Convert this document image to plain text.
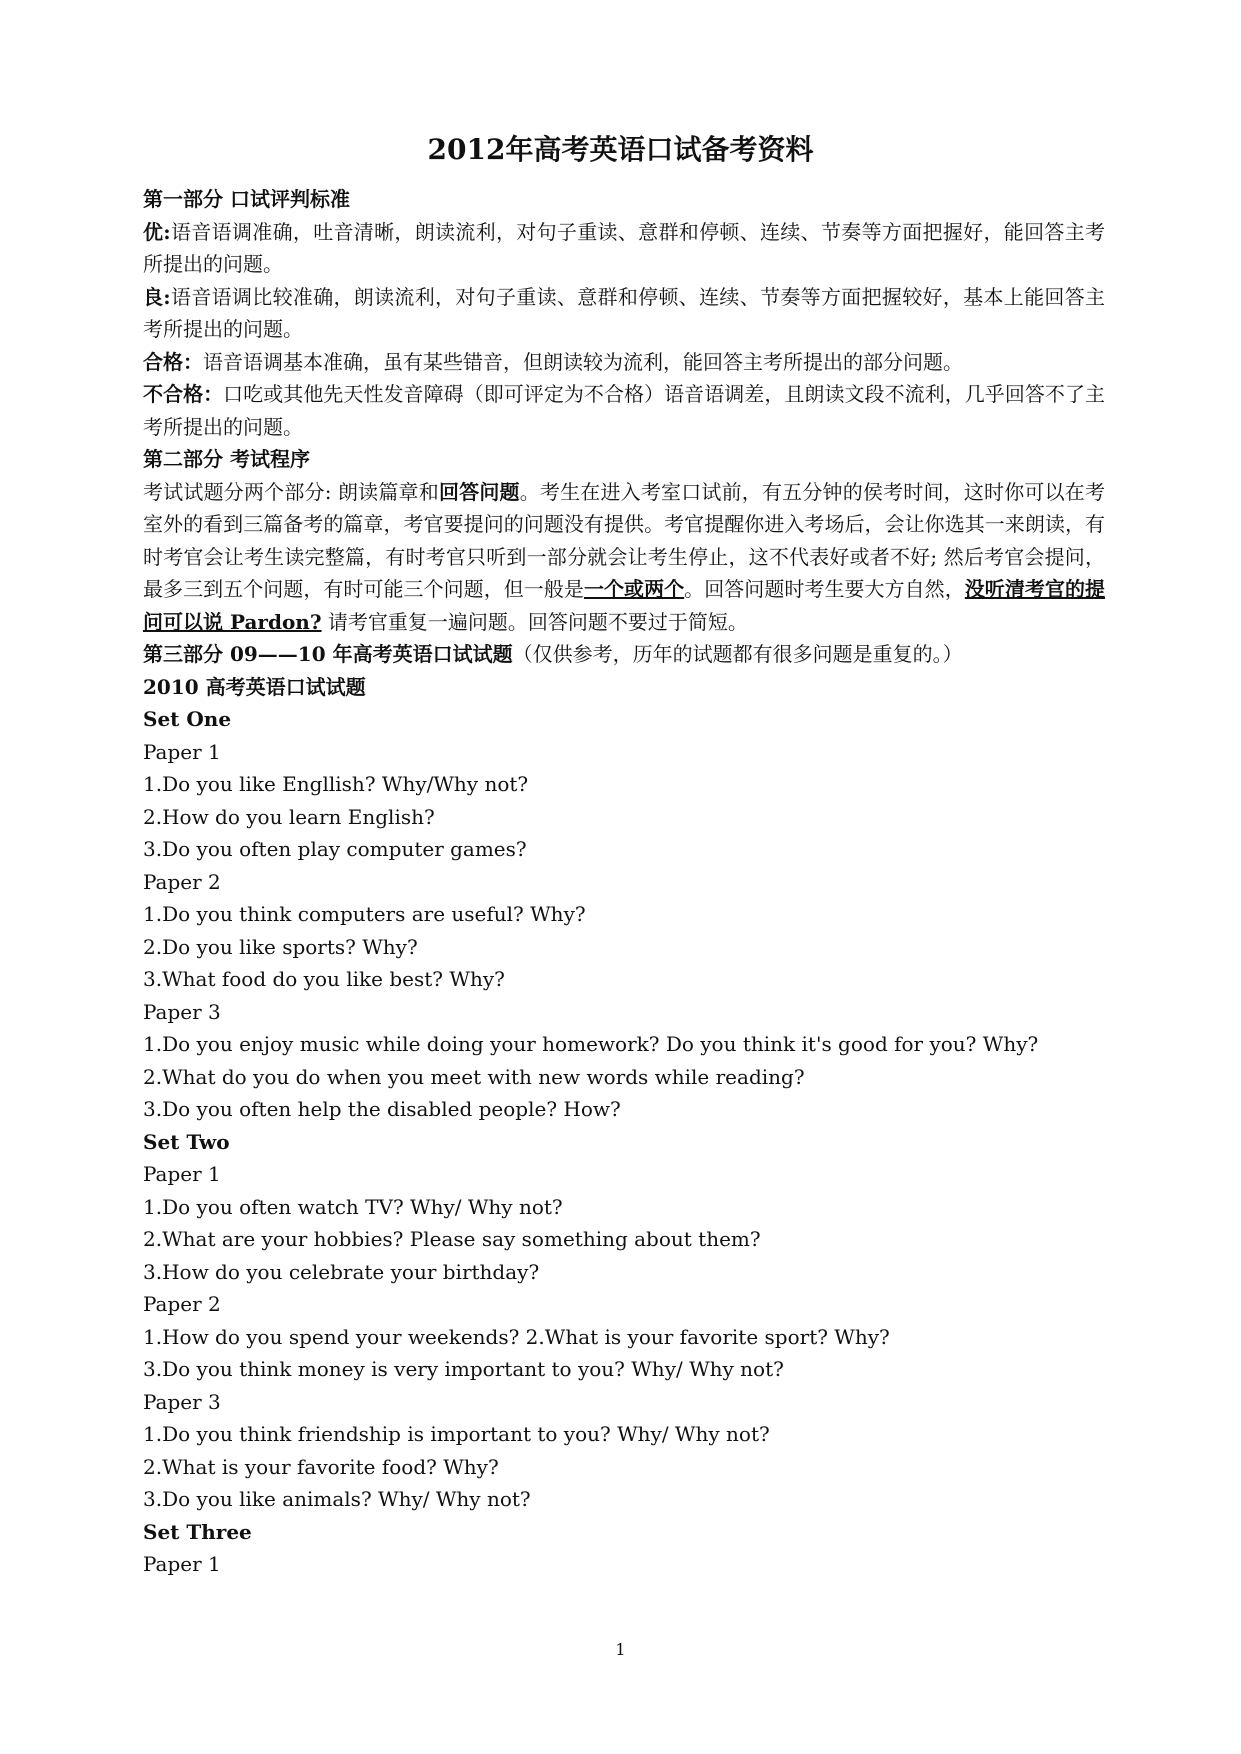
2012年高考英语口试备考资料

第一部分 口试评判标准

优:语音语调准确，吐音清晰，朗读流利，对句子重读、意群和停顿、连续、节奏等方面把握好，能回答主考所提出的问题。

良:语音语调比较准确，朗读流利，对句子重读、意群和停顿、连续、节奏等方面把握较好，基本上能回答主考所提出的问题。

合格：语音语调基本准确，虽有某些错音，但朗读较为流利，能回答主考所提出的部分问题。

不合格：口吃或其他先天性发音障碍（即可评定为不合格）语音语调差，且朗读文段不流利，几乎回答不了主考所提出的问题。

第二部分 考试程序

考试试题分两个部分: 朗读篇章和回答问题。考生在进入考室口试前，有五分钟的侯考时间，这时你可以在考室外的看到三篇备考的篇章，考官要提问的问题没有提供。考官提醒你进入考场后，会让你选其一来朗读，有时考官会让考生读完整篇，有时考官只听到一部分就会让考生停止，这不代表好或者不好; 然后考官会提问，最多三到五个问题，有时可能三个问题，但一般是一个或两个。回答问题时考生要大方自然，没听清考官的提问可以说 Pardon? 请考官重复一遍问题。回答问题不要过于简短。

第三部分 09——10 年高考英语口试试题（仅供参考，历年的试题都有很多问题是重复的。）

2010 高考英语口试试题

Set One

Paper 1

1.Do you like Engllish? Why/Why not?

2.How do you learn English?

3.Do you often play computer games?

Paper 2

1.Do you think computers are useful? Why?

2.Do you like sports? Why?

3.What food do you like best? Why?

Paper 3

1.Do you enjoy music while doing your homework? Do you think it's good for you? Why?

2.What do you do when you meet with new words while reading?

3.Do you often help the disabled people? How?

Set Two

Paper 1

1.Do you often watch TV? Why/ Why not?

2.What are your hobbies? Please say something about them?

3.How do you celebrate your birthday?

Paper 2

1.How do you spend your weekends? 2.What is your favorite sport? Why?

3.Do you think money is very important to you? Why/ Why not?

Paper 3

1.Do you think friendship is important to you? Why/ Why not?

2.What is your favorite food? Why?

3.Do you like animals? Why/ Why not?

Set Three

Paper 1

1
